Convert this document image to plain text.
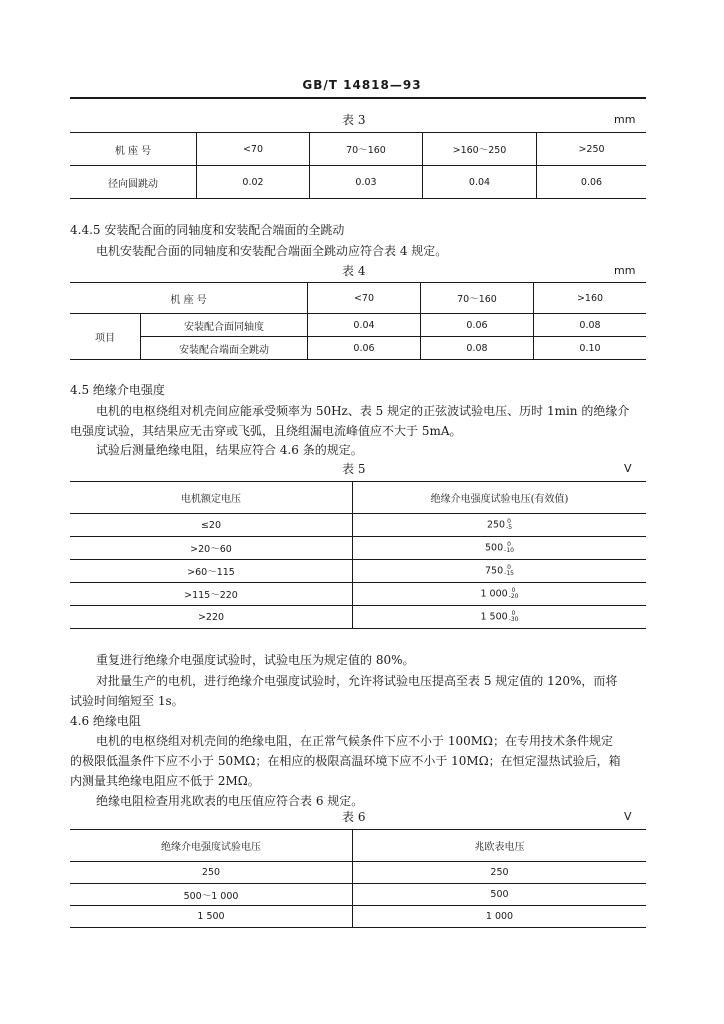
GB/T 14818—93
表 3	mm
机 座 号	<70	70～160	>160～250	>250
径向圆跳动	0.02	0.03	0.04	0.06
4.4.5 安装配合面的同轴度和安装配合端面的全跳动
电机安装配合面的同轴度和安装配合端面全跳动应符合表 4 规定。
表 4	mm
机 座 号		<70	70～160	>160
项目	安装配合面同轴度	0.04	0.06	0.08
	安装配合端面全跳动	0.06	0.08	0.10
4.5 绝缘介电强度
电机的电枢绕组对机壳间应能承受频率为 50Hz、表 5 规定的正弦波试验电压、历时 1min 的绝缘介
电强度试验，其结果应无击穿或飞弧，且绕组漏电流峰值应不大于 5mA。
试验后测量绝缘电阻，结果应符合 4.6 条的规定。
表 5	V
电机额定电压	绝缘介电强度试验电压(有效值)
≤20	250 0
-5

>20～60	500 0
-10

>60～115	750 0
-15

>115～220	1 000 0
-20

>220	1 500 0
-30
重复进行绝缘介电强度试验时，试验电压为规定值的 80%。
对批量生产的电机，进行绝缘介电强度试验时，允许将试验电压提高至表 5 规定值的 120%，而将
试验时间缩短至 1s。
4.6 绝缘电阻
电机的电枢绕组对机壳间的绝缘电阻，在正常气候条件下应不小于 100MΩ；在专用技术条件规定
的极限低温条件下应不小于 50MΩ；在相应的极限高温环境下应不小于 10MΩ；在恒定湿热试验后，箱
内测量其绝缘电阻应不低于 2MΩ。
绝缘电阻检查用兆欧表的电压值应符合表 6 规定。
表 6	V
绝缘介电强度试验电压	兆欧表电压
250	250
500～1 000	500
1 500	1 000
